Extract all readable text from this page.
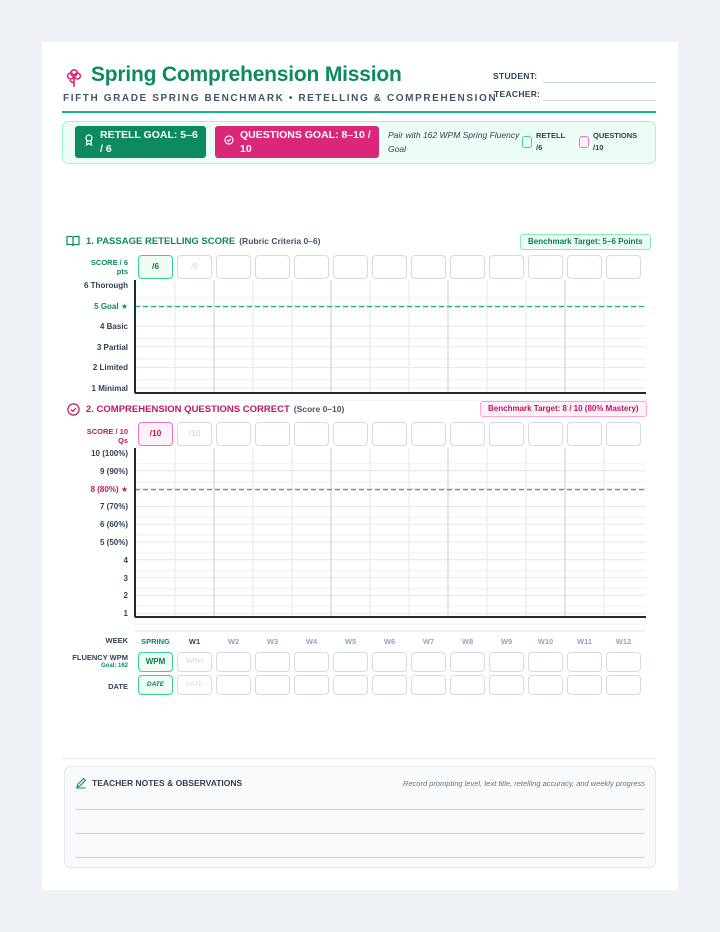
Spring Comprehension Mission
FIFTH GRADE SPRING BENCHMARK • RETELLING & COMPREHENSION
STUDENT:
TEACHER:
RETELL GOAL: 5–6 / 6
QUESTIONS GOAL: 8–10 / 10
Pair with 162 WPM Spring Fluency Goal
RETELL /6
QUESTIONS /10
1. PASSAGE RETELLING SCORE (Rubric Criteria 0–6)	Benchmark Target: 5–6 Points
SCORE / 6 pts
/6	/6
6 Thorough
5 Goal ★
4 Basic
3 Partial
2 Limited
1 Minimal
2. COMPREHENSION QUESTIONS CORRECT (Score 0–10)	Benchmark Target: 8 / 10 (80% Mastery)
SCORE / 10 Qs
/10	/10
10 (100%)
9 (90%)
8 (80%) ★
7 (70%)
6 (60%)
5 (50%)
4
3
2
1
WEEK	SPRING	W1	W2	W3	W4	W5	W6	W7	W8	W9	W10	W11	W12
FLUENCY WPM
Goal: 162	WPM	WPM
DATE	DATE	DATE
TEACHER NOTES & OBSERVATIONS	Record prompting level, text title, retelling accuracy, and weekly progress
